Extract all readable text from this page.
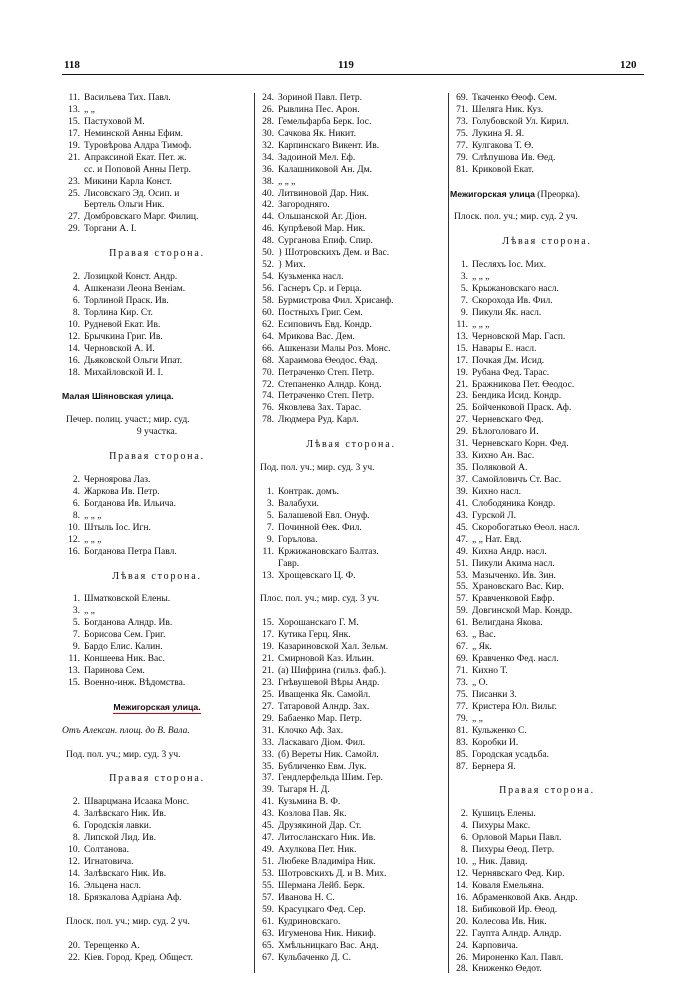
118	119	120
11. Васильева Тих. Павл.
13. „ „
15. Пастуховой М.
17. Неминской Анны Ефим.
19. Туровѣрова Алдра Тимоф.
21. Апраксиной Екат. Пет. ж.
сс. и Поповой Анны Петр.
23. Микини Карла Конст.
25. Лисовскаго Эд. Осип. и
Бертель Ольги Ник.
27. Домбровскаго Марг. Филиц.
29. Торгани А. І.
Правая сторона.
2. Лозицкой Конст. Андр.
4. Ашкенази Леона Веніам.
6. Торлиной Праск. Ив.
8. Торлина Кир. Ст.
10. Рудневой Екат. Ив.
12. Брычкина Григ. Ив.
14. Черновской А. И.
16. Дьяковской Ольги Ипат.
18. Михайловской И. І.
Малая Шіяновская улица.
Печер. полиц. участ.; мир. суд.
9 участка.
Правая сторона.
2. Черноярова Лаз.
4. Жаркова Ив. Петр.
6. Богданова Ив. Ильича.
8. „ „ „
10. Штыль Іос. Игн.
12. „ „ „
16. Богданова Петра Павл.
Лѣвая сторона.
1. Шматковской Елены.
3. „ „
5. Богданова Алндр. Ив.
7. Борисова Сем. Григ.
9. Бардо Елис. Калин.
11. Коншеева Ник. Вас.
13. Паринова Сем.
15. Военно-инж. Вѣдомства.
Межигорская улица.
Отъ Алексан. площ. до В. Вала.
Под. пол. уч.; мир. суд. 3 уч.
Правая сторона.
2. Шварцмана Исаака Монс.
4. Залѣвскаго Ник. Ив.
6. Городскія лавки.
8. Липской Лид. Ив.
10. Солтанова.
12. Игнатовича.
14. Залѣвскаго Ник. Ив.
16. Эльцена насл.
18. Брязкалова Адріана Аф.
Плоск. пол. уч.; мир. суд. 2 уч.
20. Терещенко А.
22. Кіев. Город. Кред. Общест.
24. Зориной Павл. Петр.
26. Рывлина Пес. Арон.
28. Гемельфарба Берк. Іос.
30. Сачкова Як. Никит.
32. Карпинскаго Викент. Ив.
34. Задоиной Мел. Еф.
36. Калашниковой Ан. Дм.
38. „ „ „
40. Литвиновой Дар. Ник.
42. Загородняго.
44. Ольшанской Аг. Діон.
46. Купрѣевой Мар. Ник.
48. Сурганова Епиф. Спир.
50. } Шотровскихъ Дем. и Вас.
52. } Мих.
54. Кузьменка насл.
56. Гаснеръ Ср. и Герца.
58. Бурмистрова Фил. Хрисанф.
60. Постныхъ Григ. Сем.
62. Есиповичъ Евд. Кондр.
64. Мрикова Вас. Дем.
66. Ашкенази Малы Роз. Монс.
68. Хараимова Өеодос. Өад.
70. Петраченко Степ. Петр.
72. Степаненко Алндр. Конд.
74. Петраченко Степ. Петр.
76. Яковлева Зах. Тарас.
78. Людмера Руд. Карл.
Лѣвая сторона.
Под. пол. уч.; мир. суд. 3 уч.
1. Контрак. домъ.
3. Валабухи.
5. Балашевой Евл. Онуф.
7. Починной Өек. Фил.
9. Горълова.
11. Кржижановскаго Балтаз.
Гавр.
13. Хрощевскаго Ц. Ф.
Плос. пол. уч.; мир. суд. 3 уч.
15. Хорошанскаго Г. М.
17. Кутика Герц. Янк.
19. Казариновской Хал. Зельм.
21. Смирновой Каз. Ильин.
21. (а) Шифрина (гильз. фаб.).
23. Гнѣвушевой Вѣры Андр.
25. Иващенка Як. Самойл.
27. Татаровой Алндр. Зах.
29. Бабаенко Мар. Петр.
31. Клочко Аф. Зах.
33. Ласкаваго Діом. Фил.
33. (б) Вереты Ник. Самойл.
35. Бубличенко Евм. Лук.
37. Гендлерфельда Шим. Гер.
39. Тыгаря Н. Д.
41. Кузьмина В. Ф.
43. Козлова Пав. Як.
45. Друзякиной Дар. Ст.
47. Литосланскаго Ник. Ив.
49. Ахулкова Пет. Ник.
51. Любеке Владиміра Ник.
53. Шотровскихъ Д. и В. Мих.
55. Шермана Лейб. Берк.
57. Ивановa Н. С.
59. Красуцкаго Фед. Сер.
61. Кудриновскаго.
63. Игуменова Ник. Никиф.
65. Хмѣльницкаго Вас. Анд.
67. Кульбаченко Д. С.
69. Ткаченко Өеоф. Сем.
71. Шеляга Ник. Куз.
73. Голубовской Ул. Кирил.
75. Лукина Я. Я.
77. Кулгакова Т. Ө.
79. Слѣпушова Ив. Өед.
81. Криковой Екат.
Межигорская улица (Преорка).
Плоск. пол. уч.; мир. суд. 2 уч.
Лѣвая сторона.
1. Песляхъ Іос. Мих.
3. „ „ „
5. Крыжановскаго насл.
7. Скорохода Ив. Фил.
9. Пикули Як. насл.
11. „ „ „
13. Черновской Мар. Гасп.
15. Навары Е. насл.
17. Почкая Дм. Исид.
19. Рубана Фед. Тарас.
21. Бражникова Пет. Өеодос.
23. Бендика Исид. Кондр.
25. Бойченковой Праск. Аф.
27. Черневскаго Фед.
29. Бѣлоголоваго И.
31. Черневскаго Корн. Фед.
33. Кихно Ан. Вас.
35. Поляковой А.
37. Самойловичъ Ст. Вас.
39. Кихно насл.
41. Слободяника Кондр.
43. Гурской Л.
45. Скоробогатько Өеол. насл.
47. „ „ Нат. Евд.
49. Кихна Андр. насл.
51. Пикули Акима насл.
53. Мазыченко. Ив. Зин.
55. Храновскаго Вас. Кир.
57. Кравченковой Евфр.
59. Довгинской Мар. Кондр.
61. Велигдана Якова.
63. „ Вас.
67. „ Як.
69. Кравченко Фед. насл.
71. Кихно Т.
73. „ О.
75. Писанки З.
77. Кристера Юл. Вильг.
79. „ „
81. Кульженко С.
83. Коробки И.
85. Городская усадьба.
87. Бернера Я.
Правая сторона.
2. Кушицъ Елены.
4. Пихуры Макс.
6. Орловой Марьи Павл.
8. Пихуры Өеод. Петр.
10. „ Ник. Давид.
12. Чернявскаго Фед. Кир.
14. Коваля Емельяна.
16. Абраменковой Акв. Андр.
18. Бибиковой Ир. Өеод.
20. Колесова Ив. Ник.
22. Гаупта Алндр. Алндр.
24. Карповича.
26. Мироненко Кал. Павл.
28. Книженко Өедот.
